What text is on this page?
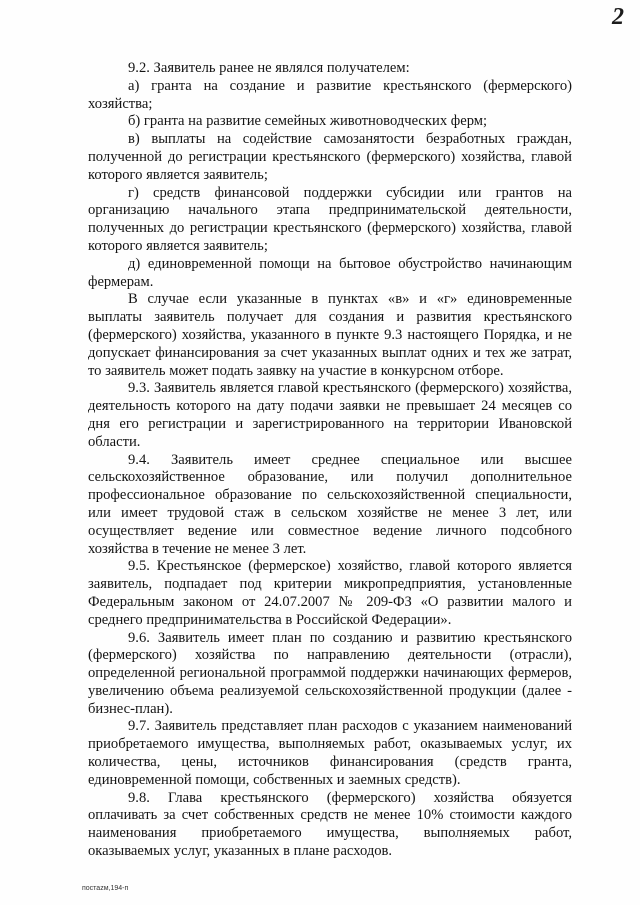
2

9.2. Заявитель ранее не являлся получателем:

а) гранта на создание и развитие крестьянского (фермерского) хозяйства;

б) гранта на развитие семейных животноводческих ферм;

в) выплаты на содействие самозанятости безработных граждан, полученной до регистрации крестьянского (фермерского) хозяйства, главой которого является заявитель;

г) средств финансовой поддержки субсидии или грантов на организацию начального этапа предпринимательской деятельности, полученных до регистрации крестьянского (фермерского) хозяйства, главой которого является заявитель;

д) единовременной помощи на бытовое обустройство начинающим фермерам.

В случае если указанные в пунктах «в» и «г» единовременные выплаты заявитель получает для создания и развития крестьянского (фермерского) хозяйства, указанного в пункте 9.3 настоящего Порядка, и не допускает финансирования за счет указанных выплат одних и тех же затрат, то заявитель может подать заявку на участие в конкурсном отборе.

9.3. Заявитель является главой крестьянского (фермерского) хозяйства, деятельность которого на дату подачи заявки не превышает 24 месяцев со дня его регистрации и зарегистрированного на территории Ивановской области.

9.4. Заявитель имеет среднее специальное или высшее сельскохозяйственное образование, или получил дополнительное профессиональное образование по сельскохозяйственной специальности, или имеет трудовой стаж в сельском хозяйстве не менее 3 лет, или осуществляет ведение или совместное ведение личного подсобного хозяйства в течение не менее 3 лет.

9.5. Крестьянское (фермерское) хозяйство, главой которого является заявитель, подпадает под критерии микропредприятия, установленные Федеральным законом от 24.07.2007 № 209-ФЗ «О развитии малого и среднего предпринимательства в Российской Федерации».

9.6. Заявитель имеет план по созданию и развитию крестьянского (фермерского) хозяйства по направлению деятельности (отрасли), определенной региональной программой поддержки начинающих фермеров, увеличению объема реализуемой сельскохозяйственной продукции (далее - бизнес-план).

9.7. Заявитель представляет план расходов с указанием наименований приобретаемого имущества, выполняемых работ, оказываемых услуг, их количества, цены, источников финансирования (средств гранта, единовременной помощи, собственных и заемных средств).

9.8. Глава крестьянского (фермерского) хозяйства обязуется оплачивать за счет собственных средств не менее 10% стоимости каждого наименования приобретаемого имущества, выполняемых работ, оказываемых услуг, указанных в плане расходов.

постаzм,194-п
